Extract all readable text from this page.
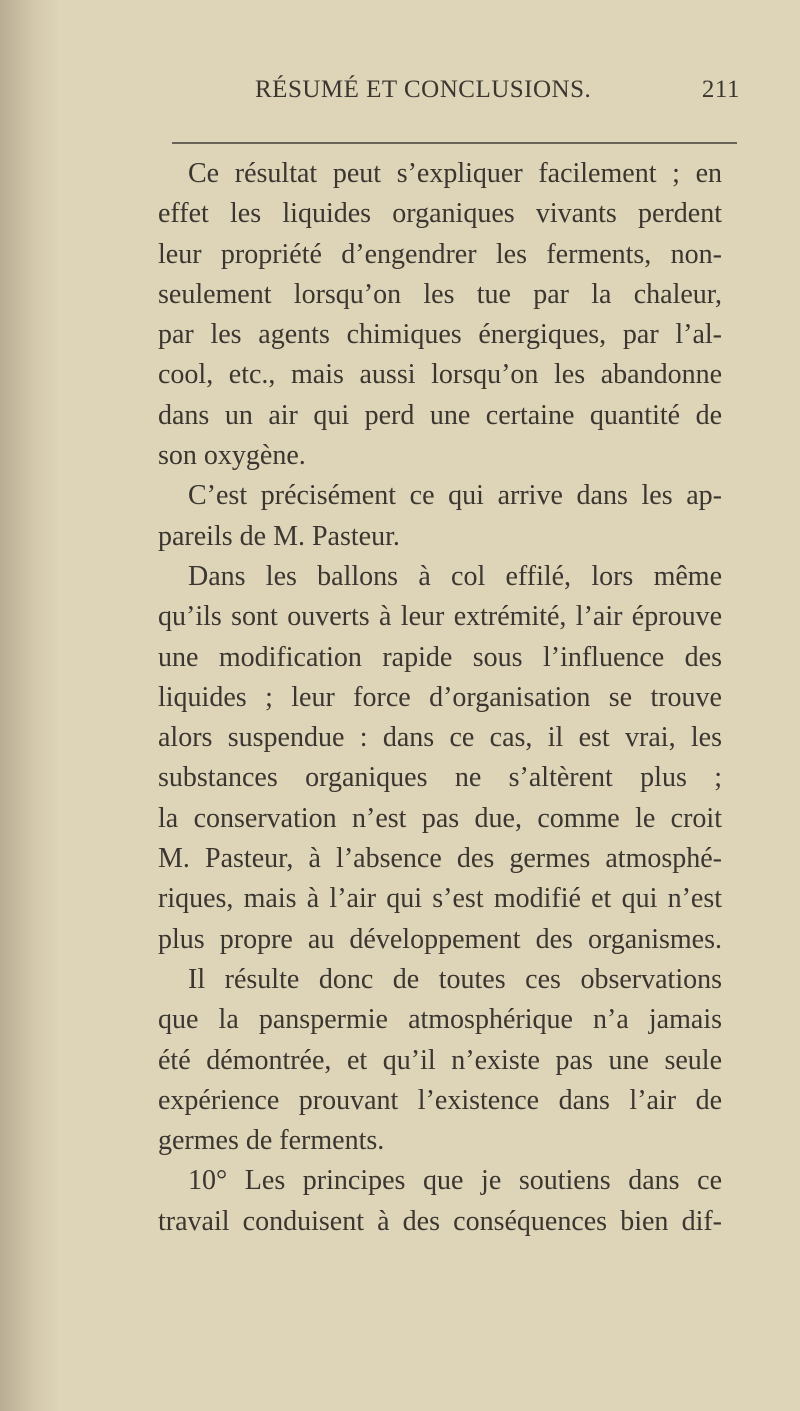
RÉSUMÉ ET CONCLUSIONS.	211
Ce résultat peut s’expliquer facilement ; en
effet les liquides organiques vivants perdent
leur propriété d’engendrer les ferments, non-
seulement lorsqu’on les tue par la chaleur,
par les agents chimiques énergiques, par l’al-
cool, etc., mais aussi lorsqu’on les abandonne
dans un air qui perd une certaine quantité de
son oxygène.
C’est précisément ce qui arrive dans les ap-
pareils de M. Pasteur.
Dans les ballons à col effilé, lors même
qu’ils sont ouverts à leur extrémité, l’air éprouve
une modification rapide sous l’influence des
liquides ; leur force d’organisation se trouve
alors suspendue : dans ce cas, il est vrai, les
substances organiques ne s’altèrent plus ;
la conservation n’est pas due, comme le croit
M. Pasteur, à l’absence des germes atmosphé-
riques, mais à l’air qui s’est modifié et qui n’est
plus propre au développement des organismes.
Il résulte donc de toutes ces observations
que la panspermie atmosphérique n’a jamais
été démontrée, et qu’il n’existe pas une seule
expérience prouvant l’existence dans l’air de
germes de ferments.
10° Les principes que je soutiens dans ce
travail conduisent à des conséquences bien dif-
